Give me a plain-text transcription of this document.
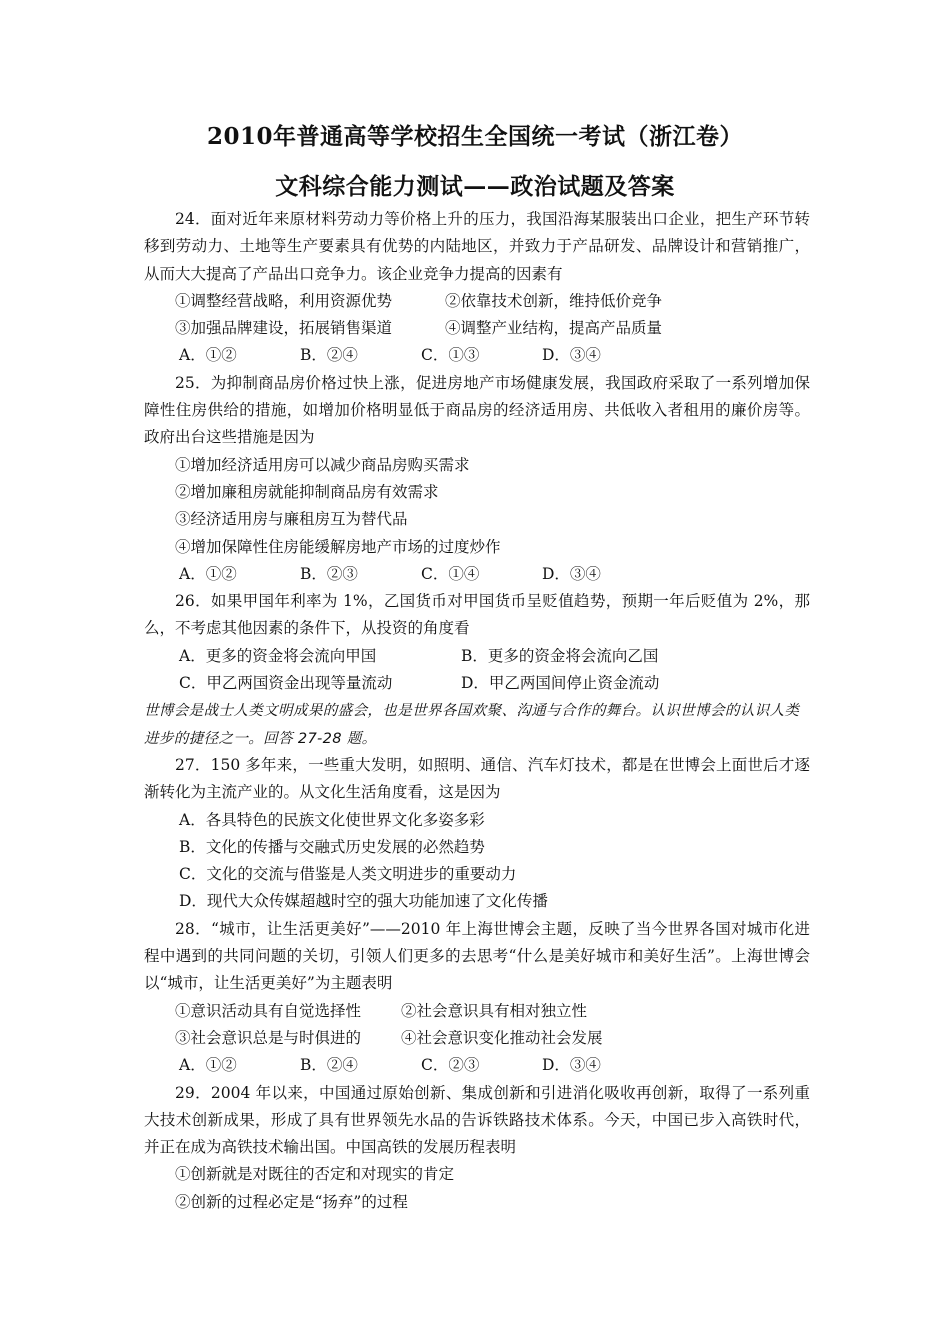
2010年普通高等学校招生全国统一考试（浙江卷）
文科综合能力测试——政治试题及答案

24．面对近年来原材料劳动力等价格上升的压力，我国沿海某服装出口企业，把生产环节转移到劳动力、土地等生产要素具有优势的内陆地区，并致力于产品研发、品牌设计和营销推广，从而大大提高了产品出口竞争力。该企业竞争力提高的因素有

①调整经营战略，利用资源优势	②依靠技术创新，维持低价竞争

③加强品牌建设，拓展销售渠道	④调整产业结构，提高产品质量

A．①②	B．②④	C．①③	D．③④

25．为抑制商品房价格过快上涨，促进房地产市场健康发展，我国政府采取了一系列增加保障性住房供给的措施，如增加价格明显低于商品房的经济适用房、共低收入者租用的廉价房等。政府出台这些措施是因为

①增加经济适用房可以减少商品房购买需求

②增加廉租房就能抑制商品房有效需求

③经济适用房与廉租房互为替代品

④增加保障性住房能缓解房地产市场的过度炒作

A．①②	B．②③	C．①④	D．③④

26．如果甲国年利率为 1%，乙国货币对甲国货币呈贬值趋势，预期一年后贬值为 2%，那么，不考虑其他因素的条件下，从投资的角度看

A．更多的资金将会流向甲国	B．更多的资金将会流向乙国

C．甲乙两国资金出现等量流动	D．甲乙两国间停止资金流动

世博会是战士人类文明成果的盛会，也是世界各国欢聚、沟通与合作的舞台。认识世博会的认识人类进步的捷径之一。回答 27-28 题。

27．150 多年来，一些重大发明，如照明、通信、汽车灯技术，都是在世博会上面世后才逐渐转化为主流产业的。从文化生活角度看，这是因为

A．各具特色的民族文化使世界文化多姿多彩

B．文化的传播与交融式历史发展的必然趋势

C．文化的交流与借鉴是人类文明进步的重要动力

D．现代大众传媒超越时空的强大功能加速了文化传播

28．“城市，让生活更美好”——2010 年上海世博会主题，反映了当今世界各国对城市化进程中遇到的共同问题的关切，引领人们更多的去思考“什么是美好城市和美好生活”。上海世博会以“城市，让生活更美好”为主题表明

①意识活动具有自觉选择性	②社会意识具有相对独立性

③社会意识总是与时俱进的	④社会意识变化推动社会发展

A．①②	B．②④	C．②③	D．③④

29．2004 年以来，中国通过原始创新、集成创新和引进消化吸收再创新，取得了一系列重大技术创新成果，形成了具有世界领先水品的告诉铁路技术体系。今天，中国已步入高铁时代，并正在成为高铁技术输出国。中国高铁的发展历程表明

①创新就是对既往的否定和对现实的肯定

②创新的过程必定是“扬弃”的过程
